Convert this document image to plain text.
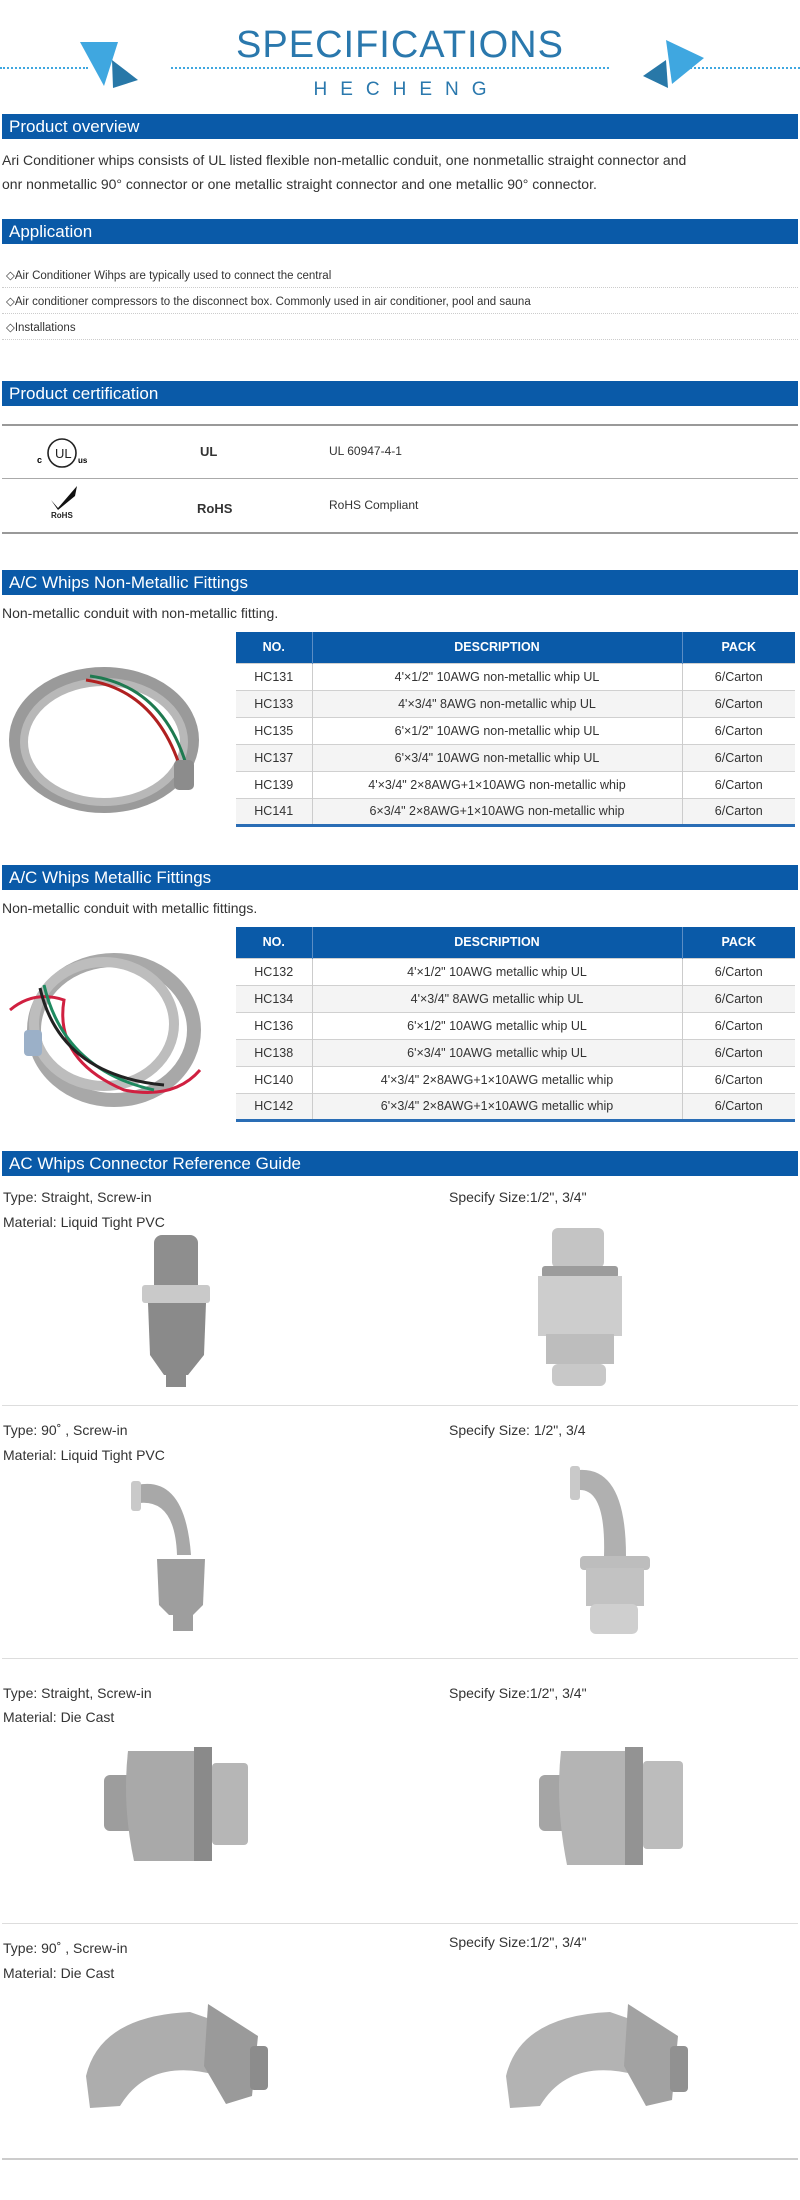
SPECIFICATIONS
HECHENG
Product overview
Ari Conditioner whips consists of UL listed flexible non-metallic conduit, one nonmetallic straight connector and
onr nonmetallic 90° connector or one metallic straight connector and one metallic 90° connector.
Application
◇Air Conditioner Wihps are typically used to connect the central
◇Air conditioner compressors to the disconnect box. Commonly used in air conditioner, pool and sauna
◇Installations
Product certification
c UL us
UL	UL 60947-4-1
RoHS	RoHS	RoHS Compliant
A/C Whips Non-Metallic Fittings
Non-metallic conduit with non-metallic fitting.
NO.	DESCRIPTION	PACK
HC131	4'×1/2" 10AWG non-metallic whip UL	6/Carton
HC133	4'×3/4" 8AWG non-metallic whip UL	6/Carton
HC135	6'×1/2" 10AWG non-metallic whip UL	6/Carton
HC137	6'×3/4" 10AWG non-metallic whip UL	6/Carton
HC139	4'×3/4" 2×8AWG+1×10AWG non-metallic whip	6/Carton
HC141	6×3/4" 2×8AWG+1×10AWG non-metallic whip	6/Carton
A/C Whips Metallic Fittings
Non-metallic conduit with metallic fittings.
NO.	DESCRIPTION	PACK
HC132	4'×1/2" 10AWG metallic whip UL	6/Carton
HC134	4'×3/4" 8AWG metallic whip UL	6/Carton
HC136	6'×1/2" 10AWG metallic whip UL	6/Carton
HC138	6'×3/4" 10AWG metallic whip UL	6/Carton
HC140	4'×3/4" 2×8AWG+1×10AWG metallic whip	6/Carton
HC142	6'×3/4" 2×8AWG+1×10AWG metallic whip	6/Carton
AC Whips Connector Reference Guide
Type: Straight, Screw-in
Material: Liquid Tight PVC
Specify Size:1/2", 3/4"
Type: 90˚ , Screw-in
Material: Liquid Tight PVC
Specify Size: 1/2", 3/4
Type: Straight, Screw-in
Material: Die Cast
Specify Size:1/2", 3/4"
Type: 90˚ , Screw-in
Material: Die Cast
Specify Size:1/2", 3/4"
